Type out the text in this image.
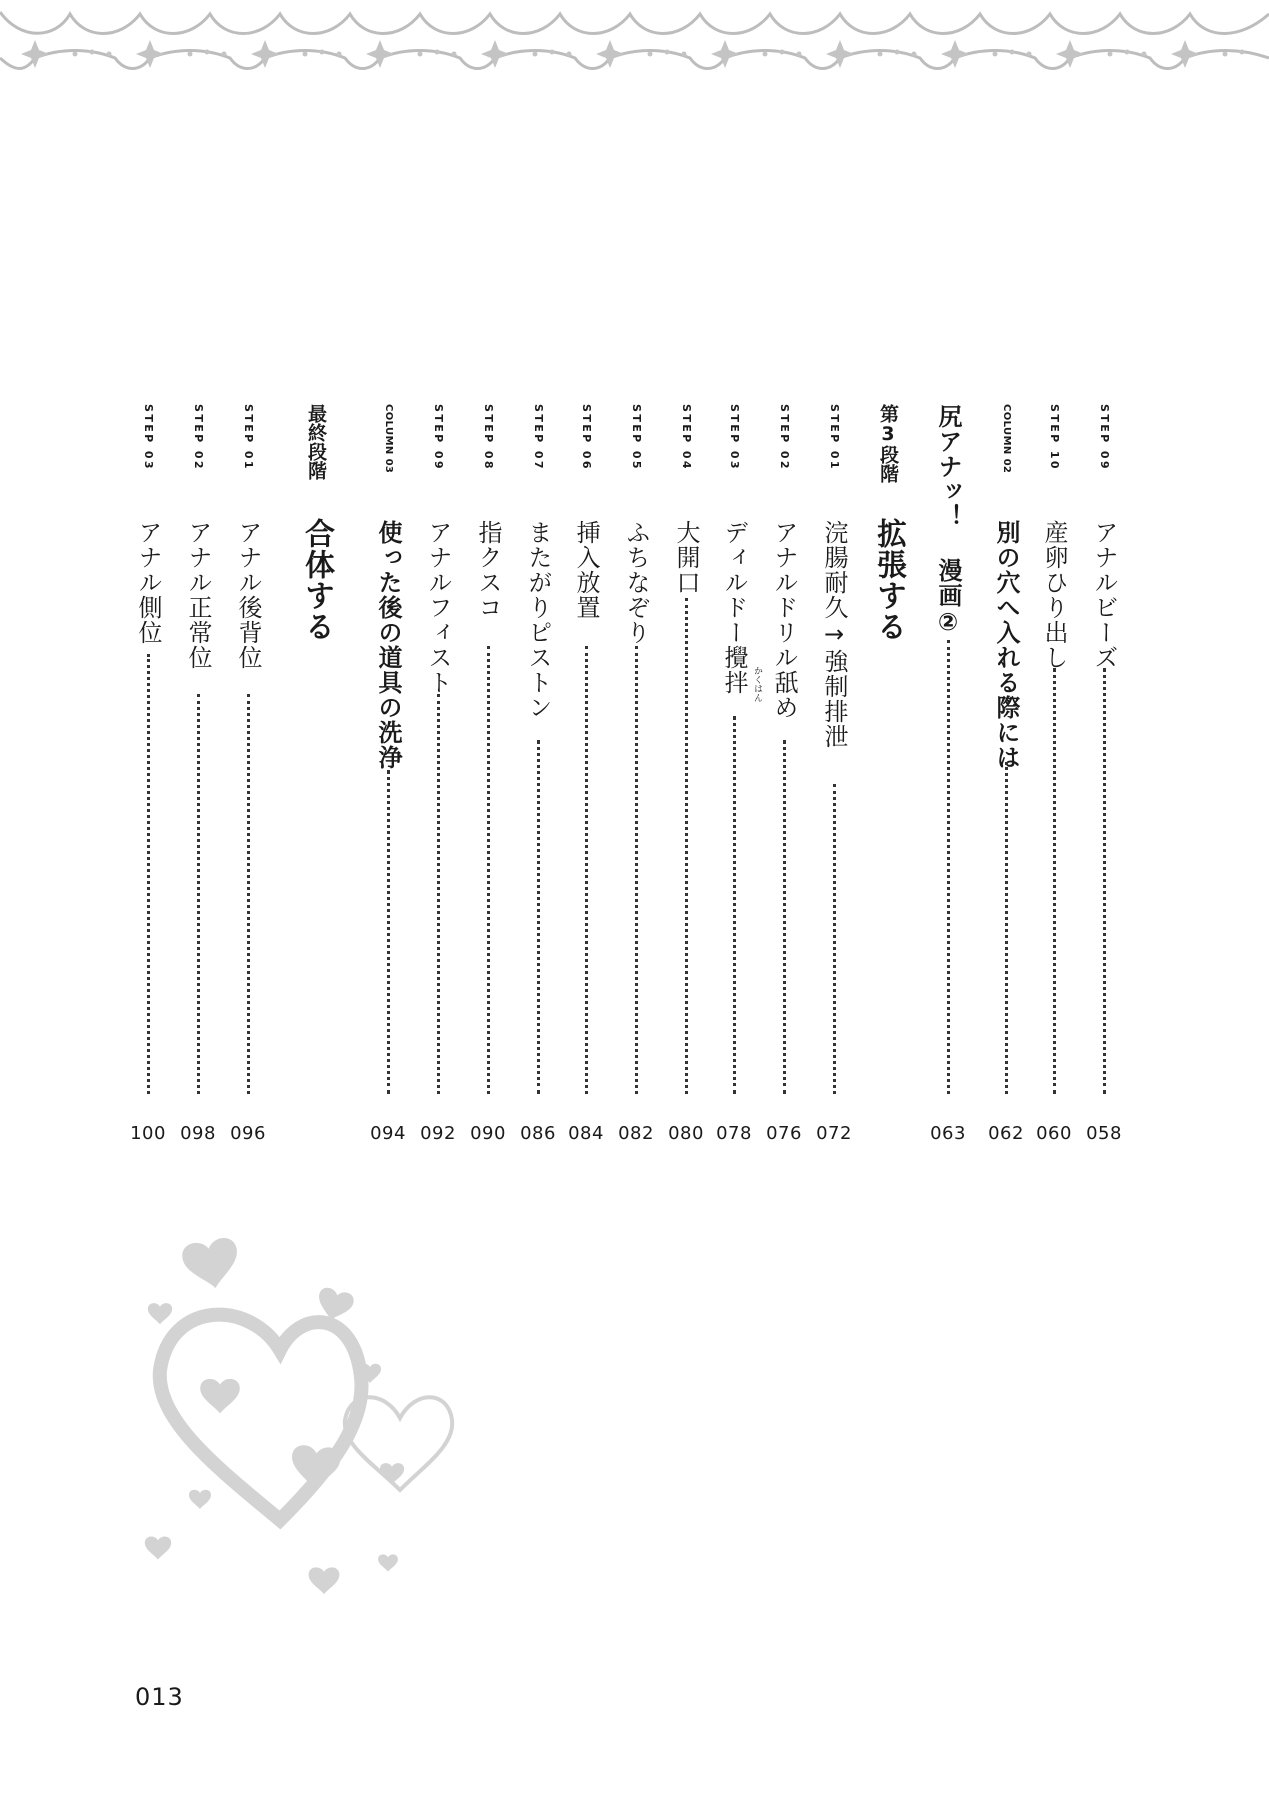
STEP 09
アナルビーズ
058
STEP 10
産卵ひり出し
060
COLUMN 02
別の穴へ入れる際には
062
尻アナッ！ 漫画②
063
第3段階
拡張する
STEP 01
浣腸耐久→強制排泄
072
STEP 02
アナルドリル舐め
076
STEP 03
ディルドー攪拌 かくはん
078
STEP 04
大開口
080
STEP 05
ふちなぞり
082
STEP 06
挿入放置
084
STEP 07
またがりピストン
086
STEP 08
指クスコ
090
STEP 09
アナルフィスト
092
COLUMN 03
使った後の道具の洗浄
094
最終段階
合体する
STEP 01
アナル後背位
096
STEP 02
アナル正常位
098
STEP 03
アナル側位
100
013
